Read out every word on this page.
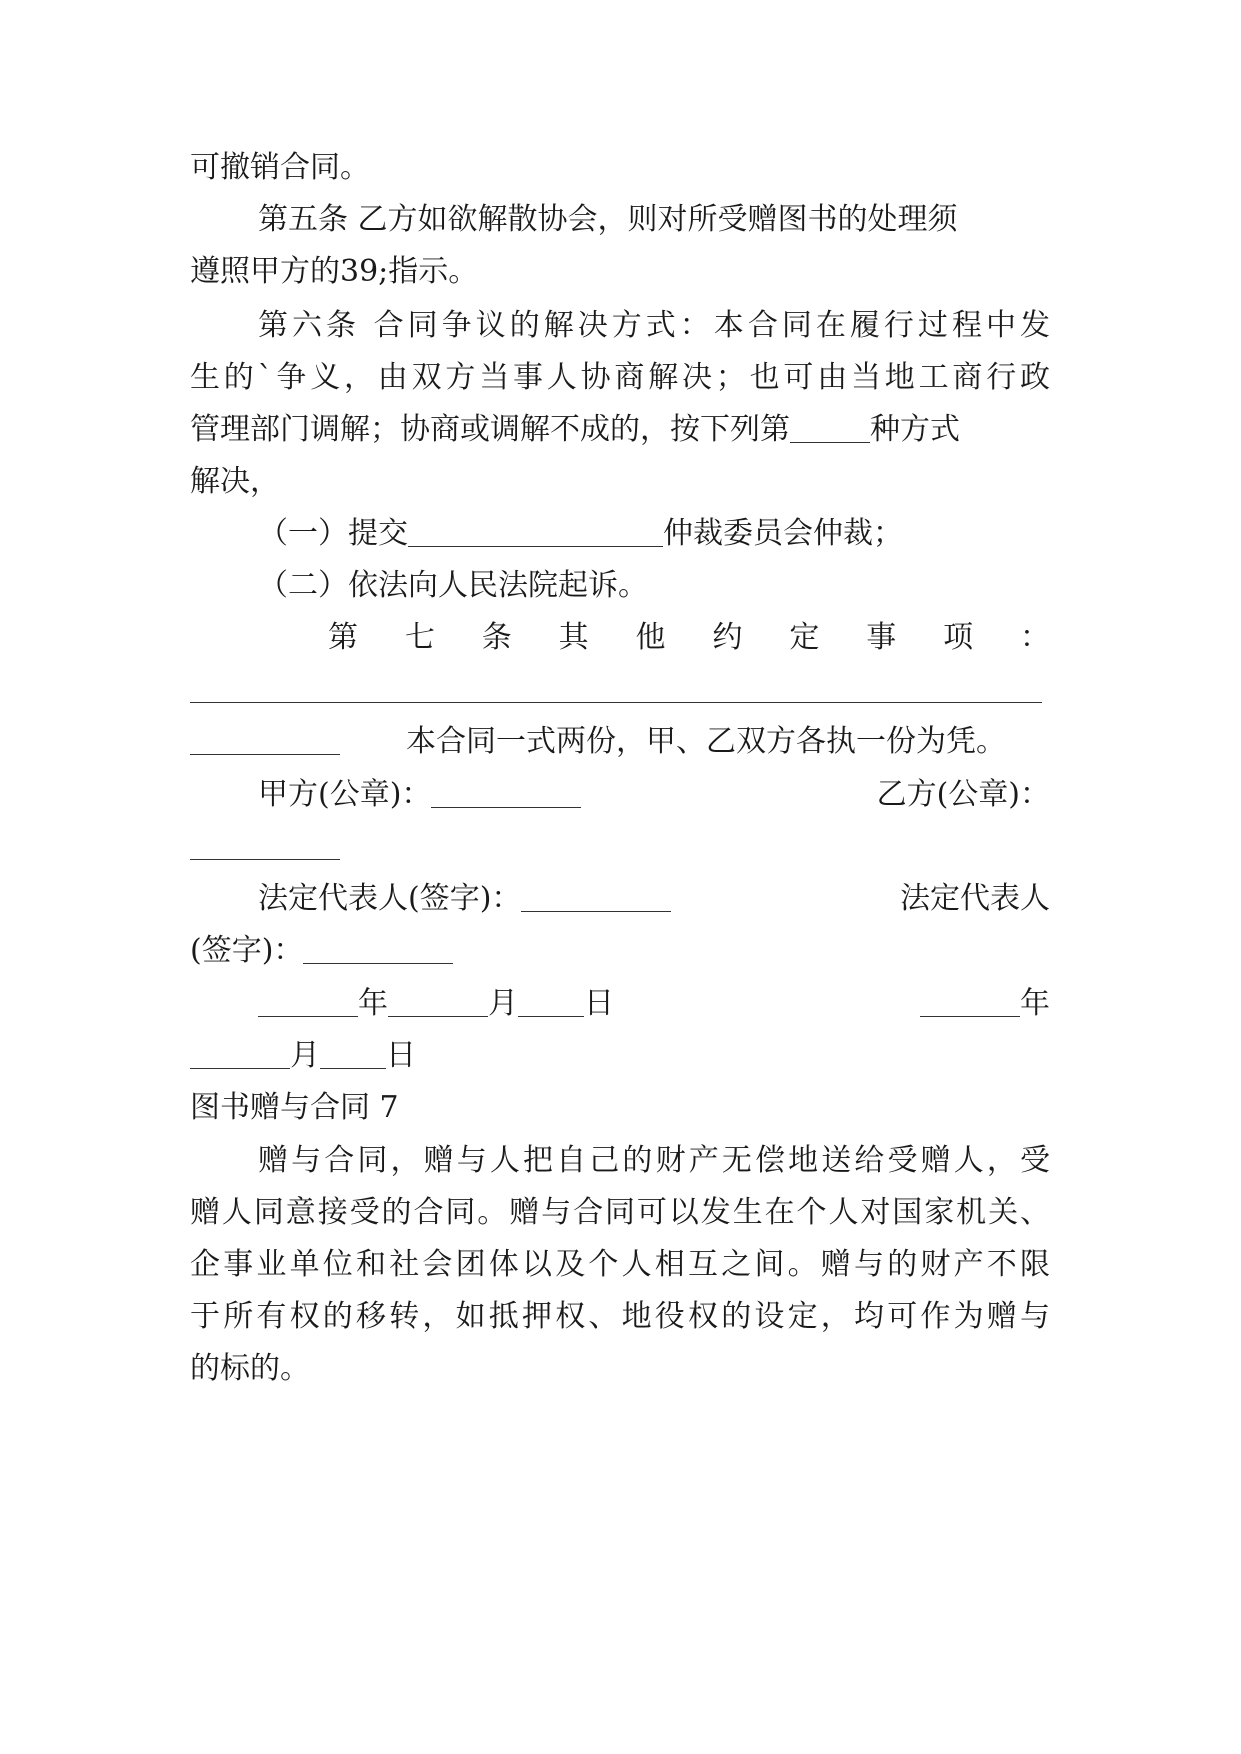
可撤销合同。
第五条 乙方如欲解散协会，则对所受赠图书的处理须
遵照甲方的39;指示。
第六条 合同争议的解决方式：本合同在履行过程中发
生的`争义，由双方当事人协商解决；也可由当地工商行政
管理部门调解；协商或调解不成的，按下列第	种方式
解决，
（一）提交	仲裁委员会仲裁；
（二）依法向人民法院起诉。
第 七 条 其 他 约 定 事 项 ：
本合同一式两份，甲、乙双方各执一份为凭。
甲方(公章)：	乙方(公章)：
法定代表人(签字)：	法定代表人
(签字)：
年	月 日	年
月 日
图书赠与合同 7
赠与合同，赠与人把自己的财产无偿地送给受赠人，受
赠人同意接受的合同。赠与合同可以发生在个人对国家机关、
企事业单位和社会团体以及个人相互之间。赠与的财产不限
于所有权的移转，如抵押权、地役权的设定，均可作为赠与
的标的。
